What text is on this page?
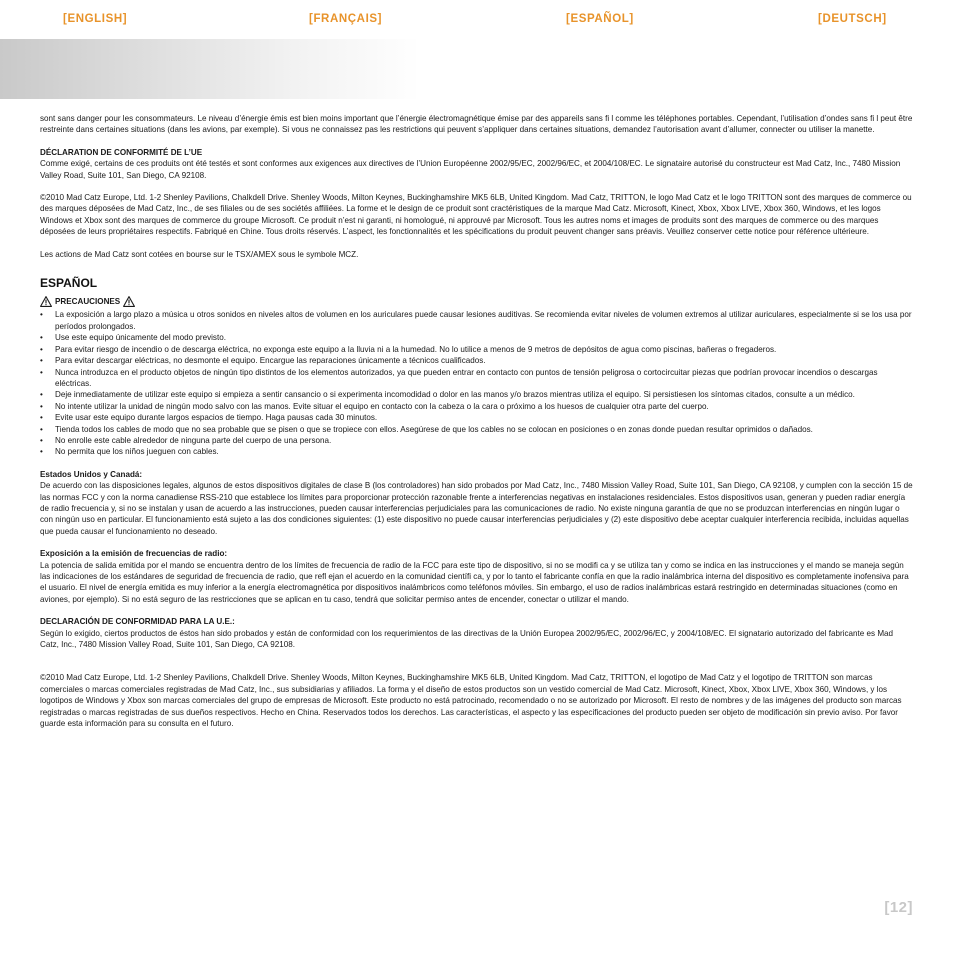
[ ENGLISH ]	[ FRANÇAIS ]	[ ESPAÑOL ]	[ DEUTSCH ]

sont sans danger pour les consommateurs. Le niveau d’énergie émis est bien moins important que l’énergie électromagnétique émise par des appareils sans fi l comme les téléphones portables. Cependant, l’utilisation d’ondes sans fi l peut être restreinte dans certaines situations (dans les avions, par exemple). Si vous ne connaissez pas les restrictions qui peuvent s’appliquer dans certaines situations, demandez l’autorisation avant d’allumer, connecter ou utiliser la manette.

DÉCLARATION DE CONFORMITÉ DE L’UE

Comme exigé, certains de ces produits ont été testés et sont conformes aux exigences aux directives de l’Union Européenne 2002/95/EC, 2002/96/EC, et 2004/108/EC. Le signataire autorisé du constructeur est Mad Catz, Inc., 7480 Mission Valley Road, Suite 101, San Diego, CA 92108.

©2010 Mad Catz Europe, Ltd. 1-2 Shenley Pavilions, Chalkdell Drive. Shenley Woods, Milton Keynes, Buckinghamshire MK5 6LB, United Kingdom. Mad Catz, TRITTON, le logo Mad Catz et le logo TRITTON sont des marques de commerce ou des marques déposées de Mad Catz, Inc., de ses filiales ou de ses sociétés affiliées. La forme et le design de ce produit sont cractéristiques de la marque Mad Catz. Microsoft, Kinect, Xbox, Xbox LIVE, Xbox 360, Windows, et les logos Windows et Xbox sont des marques de commerce du groupe Microsoft. Ce produit n’est ni garanti, ni homologué, ni approuvé par Microsoft. Tous les autres noms et images de produits sont des marques de commerce ou des marques déposées de leurs propriétaires respectifs. Fabriqué en Chine. Tous droits réservés. L’aspect, les fonctionnalités et les spécifications du produit peuvent changer sans préavis. Veuillez conserver cette notice pour référence ultérieure.

Les actions de Mad Catz sont cotées en bourse sur le TSX/AMEX sous le symbole MCZ.

ESPAÑOL
PRECAUCIONES
• La exposición a largo plazo a música u otros sonidos en niveles altos de volumen en los auriculares puede causar lesiones auditivas. Se recomienda evitar niveles de volumen extremos al utilizar auriculares, especialmente si se los usa por períodos prolongados.
• Use este equipo únicamente del modo previsto.
• Para evitar riesgo de incendio o de descarga eléctrica, no exponga este equipo a la lluvia ni a la humedad. No lo utilice a menos de 9 metros de depósitos de agua como piscinas, bañeras o fregaderos.
• Para evitar descargar eléctricas, no desmonte el equipo. Encargue las reparaciones únicamente a técnicos cualificados.
• Nunca introduzca en el producto objetos de ningún tipo distintos de los elementos autorizados, ya que pueden entrar en contacto con puntos de tensión peligrosa o cortocircuitar piezas que podrían provocar incendios o descargas eléctricas.
• Deje inmediatamente de utilizar este equipo si empieza a sentir cansancio o si experimenta incomodidad o dolor en las manos y/o brazos mientras utiliza el equipo. Si persistiesen los síntomas citados, consulte a un médico.
• No intente utilizar la unidad de ningún modo salvo con las manos. Evite situar el equipo en contacto con la cabeza o la cara o próximo a los huesos de cualquier otra parte del cuerpo.
• Evite usar este equipo durante largos espacios de tiempo. Haga pausas cada 30 minutos.
• Tienda todos los cables de modo que no sea probable que se pisen o que se tropiece con ellos. Asegúrese de que los cables no se colocan en posiciones o en zonas donde puedan resultar oprimidos o dañados.
• No enrolle este cable alrededor de ninguna parte del cuerpo de una persona.
• No permita que los niños jueguen con cables.

Estados Unidos y Canadá:

De acuerdo con las disposiciones legales, algunos de estos dispositivos digitales de clase B (los controladores) han sido probados por Mad Catz, Inc., 7480 Mission Valley Road, Suite 101, San Diego, CA 92108, y cumplen con la sección 15 de las normas FCC y con la norma canadiense RSS-210 que establece los límites para proporcionar protección razonable frente a interferencias negativas en instalaciones residenciales. Estos dispositivos usan, generan y pueden radiar energía de radio frecuencia y, si no se instalan y usan de acuerdo a las instrucciones, pueden causar interferencias perjudiciales para las comunicaciones de radio. No existe ninguna garantía de que no se produzcan interferencias en ningún lugar o con ningún uso en particular. El funcionamiento está sujeto a las dos condiciones siguientes: (1) este dispositivo no puede causar interferencias perjudiciales y (2) este dispositivo debe aceptar cualquier interferencia recibida, incluidas aquellas que pueda causar el funcionamiento no deseado.

Exposición a la emisión de frecuencias de radio:

La potencia de salida emitida por el mando se encuentra dentro de los límites de frecuencia de radio de la FCC para este tipo de dispositivo, si no se modifi ca y se utiliza tan y como se indica en las instrucciones y el mando se maneja según las indicaciones de los estándares de seguridad de frecuencia de radio, que refl ejan el acuerdo en la comunidad científi ca, y por lo tanto el fabricante confía en que la radio inalámbrica interna del dispositivo es completamente inofensiva para el usuario. El nivel de energía emitida es muy inferior a la energía electromagnética por dispositivos inalámbricos como teléfonos móviles. Sin embargo, el uso de radios inalámbricas estará restringido en determinadas situaciones (como en aviones, por ejemplo). Si no está seguro de las restricciones que se aplican en tu caso, tendrá que solicitar permiso antes de encender, conectar o utilizar el mando.

DECLARACIÓN DE CONFORMIDAD PARA LA U.E.:

Según lo exigido, ciertos productos de éstos han sido probados y están de conformidad con los requerimientos de las directivas de la Unión Europea 2002/95/EC, 2002/96/EC, y 2004/108/EC. El signatario autorizado del fabricante es Mad Catz, Inc., 7480 Mission Valley Road, Suite 101, San Diego, CA 92108.

©2010 Mad Catz Europe, Ltd. 1-2 Shenley Pavilions, Chalkdell Drive. Shenley Woods, Milton Keynes, Buckinghamshire MK5 6LB, United Kingdom. Mad Catz, TRITTON, el logotipo de Mad Catz y el logotipo de TRITTON son marcas comerciales o marcas comerciales registradas de Mad Catz, Inc., sus subsidiarias y afiliados. La forma y el diseño de estos productos son un vestido comercial de Mad Catz. Microsoft, Kinect, Xbox, Xbox LIVE, Xbox 360, Windows, y los logotipos de Windows y Xbox son marcas comerciales del grupo de empresas de Microsoft. Este producto no está patrocinado, recomendado o no se autorizado por Microsoft. El resto de nombres y de las imágenes del producto son marcas registradas o marcas registradas de sus dueños respectivos. Hecho en China. Reservados todos los derechos. Las características, el aspecto y las especificaciones del producto pueden ser objeto de modificación sin previo aviso. Por favor guarde esta información para su consulta en el futuro.

[ 12 ]
